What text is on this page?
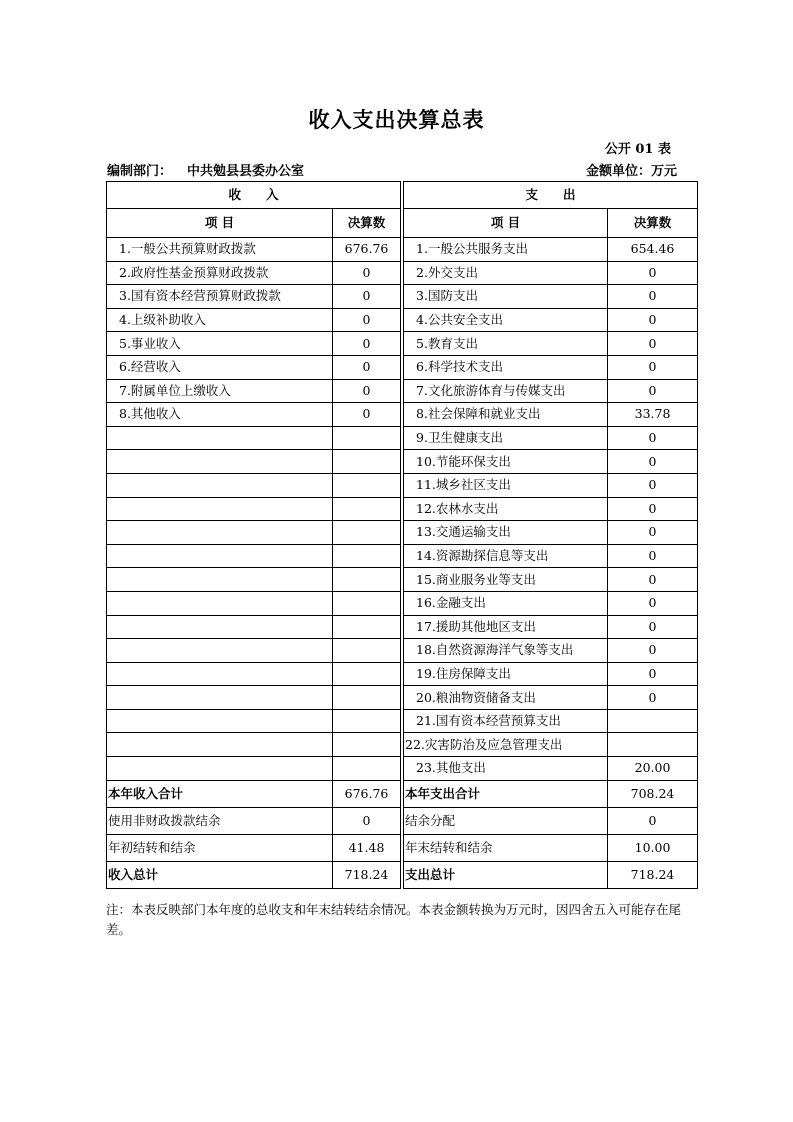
收入支出决算总表
公开 01 表
编制部门： 中共勉县县委办公室	金额单位：万元
收　　入			支　　出	
项 目	决算数		项 目	决算数
1.一般公共预算财政拨款	676.76		1.一般公共服务支出	654.46
2.政府性基金预算财政拨款	0		2.外交支出	0
3.国有资本经营预算财政拨款	0		3.国防支出	0
4.上级补助收入	0		4.公共安全支出	0
5.事业收入	0		5.教育支出	0
6.经营收入	0		6.科学技术支出	0
7.附属单位上缴收入	0		7.文化旅游体育与传媒支出	0
8.其他收入	0		8.社会保障和就业支出	33.78
			9.卫生健康支出	0
			10.节能环保支出	0
			11.城乡社区支出	0
			12.农林水支出	0
			13.交通运输支出	0
			14.资源勘探信息等支出	0
			15.商业服务业等支出	0
			16.金融支出	0
			17.援助其他地区支出	0
			18.自然资源海洋气象等支出	0
			19.住房保障支出	0
			20.粮油物资储备支出	0
			21.国有资本经营预算支出	
			22.灾害防治及应急管理支出	
			23.其他支出	20.00
本年收入合计	676.76		本年支出合计	708.24
使用非财政拨款结余	0		结余分配	0
年初结转和结余	41.48		年末结转和结余	10.00
收入总计	718.24		支出总计	718.24
注：本表反映部门本年度的总收支和年末结转结余情况。本表金额转换为万元时，因四舍五入可能存在尾差。
